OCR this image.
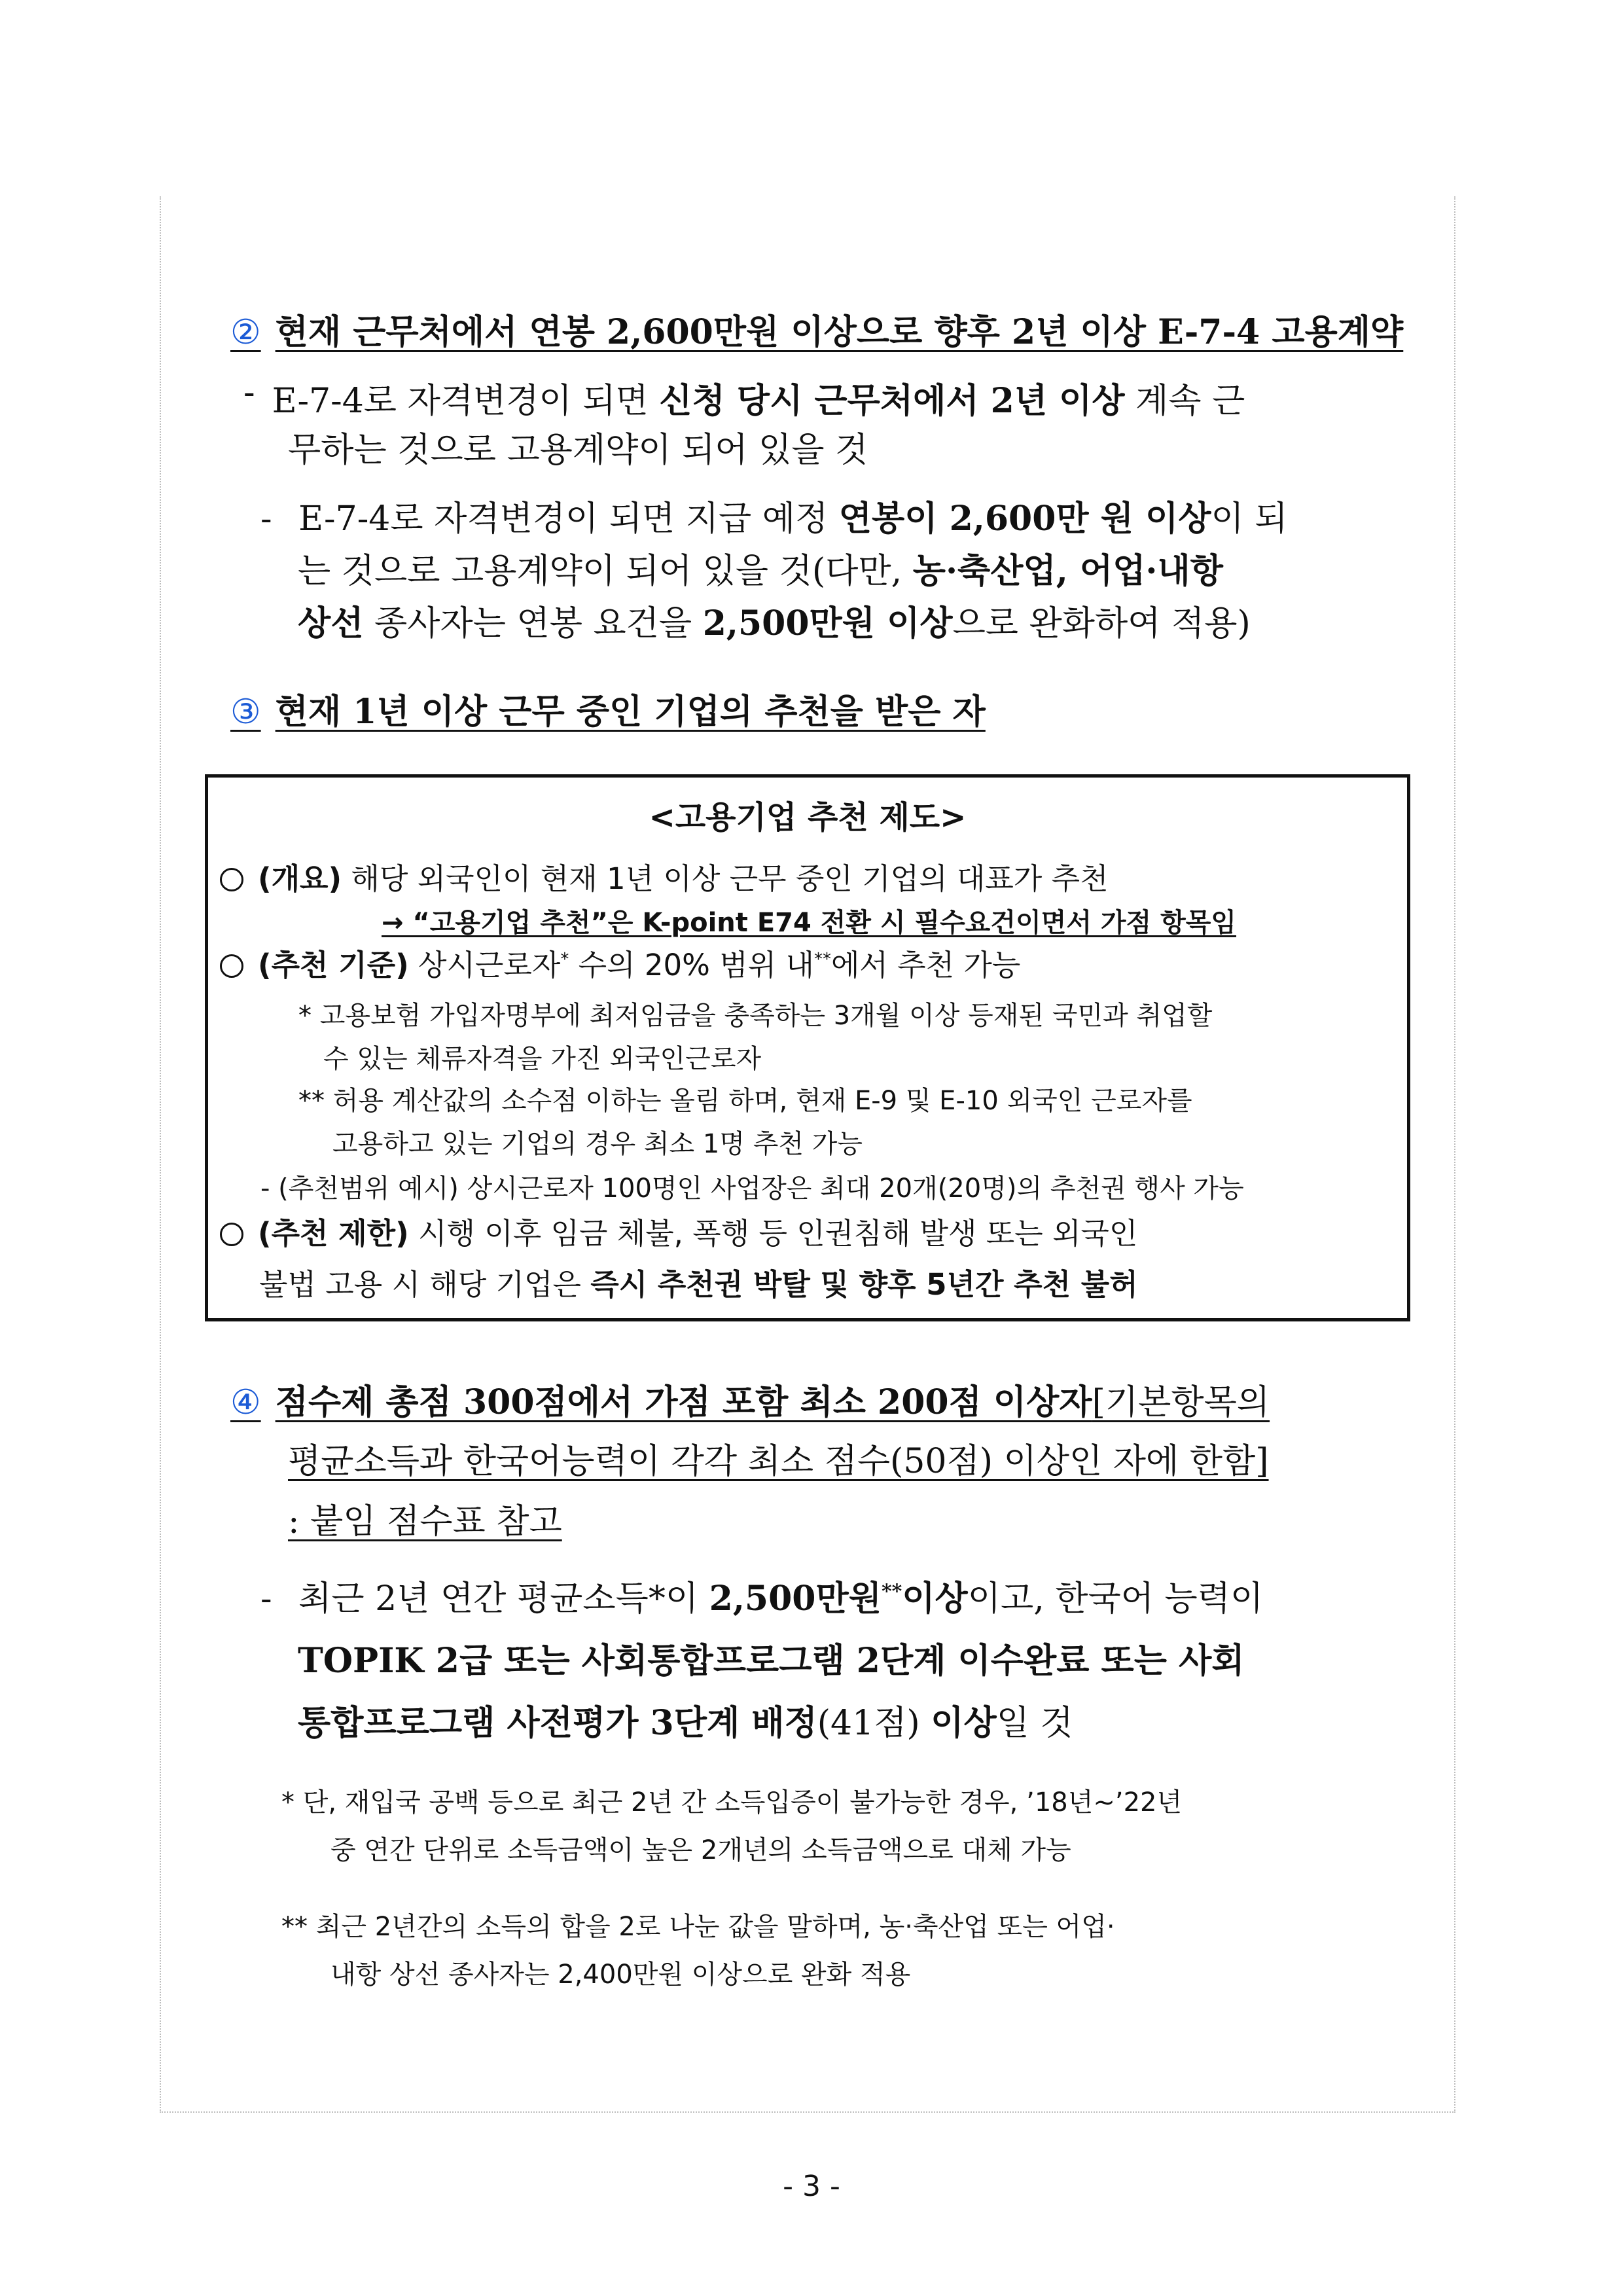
② 현재 근무처에서 연봉 2,600만원 이상으로 향후 2년 이상 E-7-4 고용계약
- E-7-4로 자격변경이 되면 신청 당시 근무처에서 2년 이상 계속 근
무하는 것으로 고용계약이 되어 있을 것
- E-7-4로 자격변경이 되면 지급 예정 연봉이 2,600만 원 이상이 되
는 것으로 고용계약이 되어 있을 것(다만, 농·축산업, 어업·내항
상선 종사자는 연봉 요건을 2,500만원 이상으로 완화하여 적용)
③ 현재 1년 이상 근무 중인 기업의 추천을 받은 자
<고용기업 추천 제도>
(개요) 해당 외국인이 현재 1년 이상 근무 중인 기업의 대표가 추천
→ “고용기업 추천”은 K-point E74 전환 시 필수요건이면서 가점 항목임
(추천 기준) 상시근로자* 수의 20% 범위 내**에서 추천 가능
* 고용보험 가입자명부에 최저임금을 충족하는 3개월 이상 등재된 국민과 취업할
수 있는 체류자격을 가진 외국인근로자
** 허용 계산값의 소수점 이하는 올림 하며, 현재 E-9 및 E-10 외국인 근로자를
고용하고 있는 기업의 경우 최소 1명 추천 가능
- (추천범위 예시) 상시근로자 100명인 사업장은 최대 20개(20명)의 추천권 행사 가능
(추천 제한) 시행 이후 임금 체불, 폭행 등 인권침해 발생 또는 외국인
불법 고용 시 해당 기업은 즉시 추천권 박탈 및 향후 5년간 추천 불허
④ 점수제 총점 300점에서 가점 포함 최소 200점 이상자[기본항목의
평균소득과 한국어능력이 각각 최소 점수(50점) 이상인 자에 한함]
: 붙임 점수표 참고
- 최근 2년 연간 평균소득*이 2,500만원**이상이고, 한국어 능력이
TOPIK 2급 또는 사회통합프로그램 2단계 이수완료 또는 사회
통합프로그램 사전평가 3단계 배정(41점) 이상일 것
* 단, 재입국 공백 등으로 최근 2년 간 소득입증이 불가능한 경우, ’18년~’22년
중 연간 단위로 소득금액이 높은 2개년의 소득금액으로 대체 가능
** 최근 2년간의 소득의 합을 2로 나눈 값을 말하며, 농·축산업 또는 어업·
내항 상선 종사자는 2,400만원 이상으로 완화 적용
- 3 -
